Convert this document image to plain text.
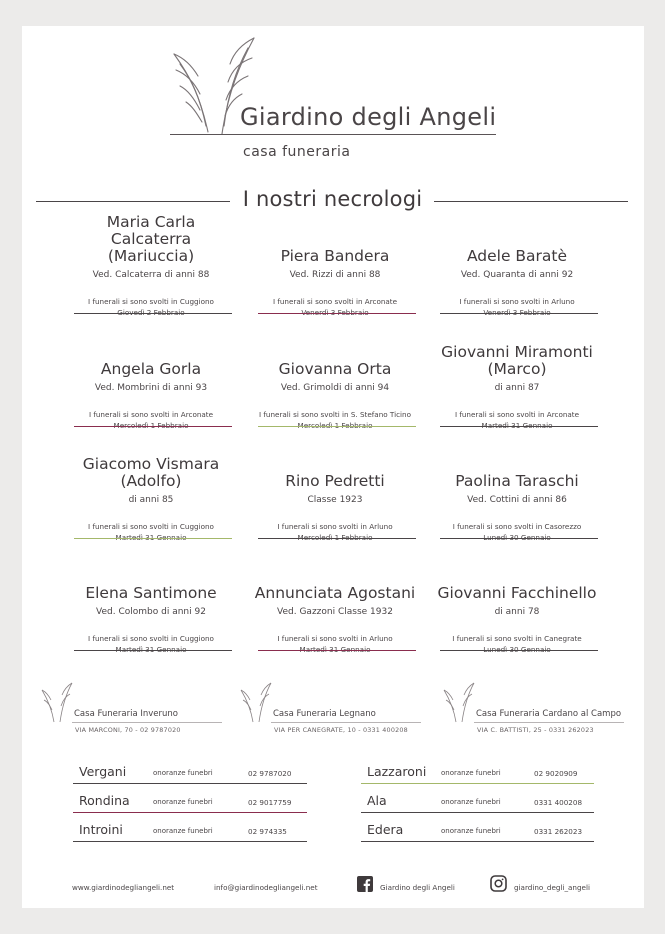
Giardino degli Angeli
casa funeraria
I nostri necrologi
Maria Carla
Calcaterra
(Mariuccia)
Ved. Calcaterra di anni 88
I funerali si sono svolti in Cuggiono
Piera Bandera
Ved. Rizzi di anni 88
I funerali si sono svolti in Arconate
Adele Baratè
Ved. Quaranta di anni 92
I funerali si sono svolti in Arluno
Angela Gorla
Ved. Mombrini di anni 93
I funerali si sono svolti in Arconate
Giovanna Orta
Ved. Grimoldi di anni 94
I funerali si sono svolti in S. Stefano Ticino
Giovanni Miramonti
(Marco)
di anni 87
I funerali si sono svolti in Arconate
Giacomo Vismara
(Adolfo)
di anni 85
I funerali si sono svolti in Cuggiono
Rino Pedretti
Classe 1923
I funerali si sono svolti in Arluno
Paolina Taraschi
Ved. Cottini di anni 86
I funerali si sono svolti in Casorezzo
Elena Santimone
Ved. Colombo di anni 92
I funerali si sono svolti in Cuggiono
Annunciata Agostani
Ved. Gazzoni Classe 1932
I funerali si sono svolti in Arluno
Giovanni Facchinello
di anni 78
I funerali si sono svolti in Canegrate
Casa Funeraria Inveruno
VIA MARCONI, 70 - 02 9787020
Casa Funeraria Legnano
VIA PER CANEGRATE, 10 - 0331 400208
Casa Funeraria Cardano al Campo
VIA C. BATTISTI, 25 - 0331 262023
Vergani	onoranze funebri	02 9787020
Rondina	onoranze funebri	02 9017759
Introini	onoranze funebri	02 974335
Lazzaroni onoranze funebri	02 9020909
Ala	onoranze funebri	0331 400208
Edera	onoranze funebri	0331 262023
www.giardinodegliangeli.net	info@giardinodegliangeli.net	Giardino degli Angeli	giardino_degli_angeli
